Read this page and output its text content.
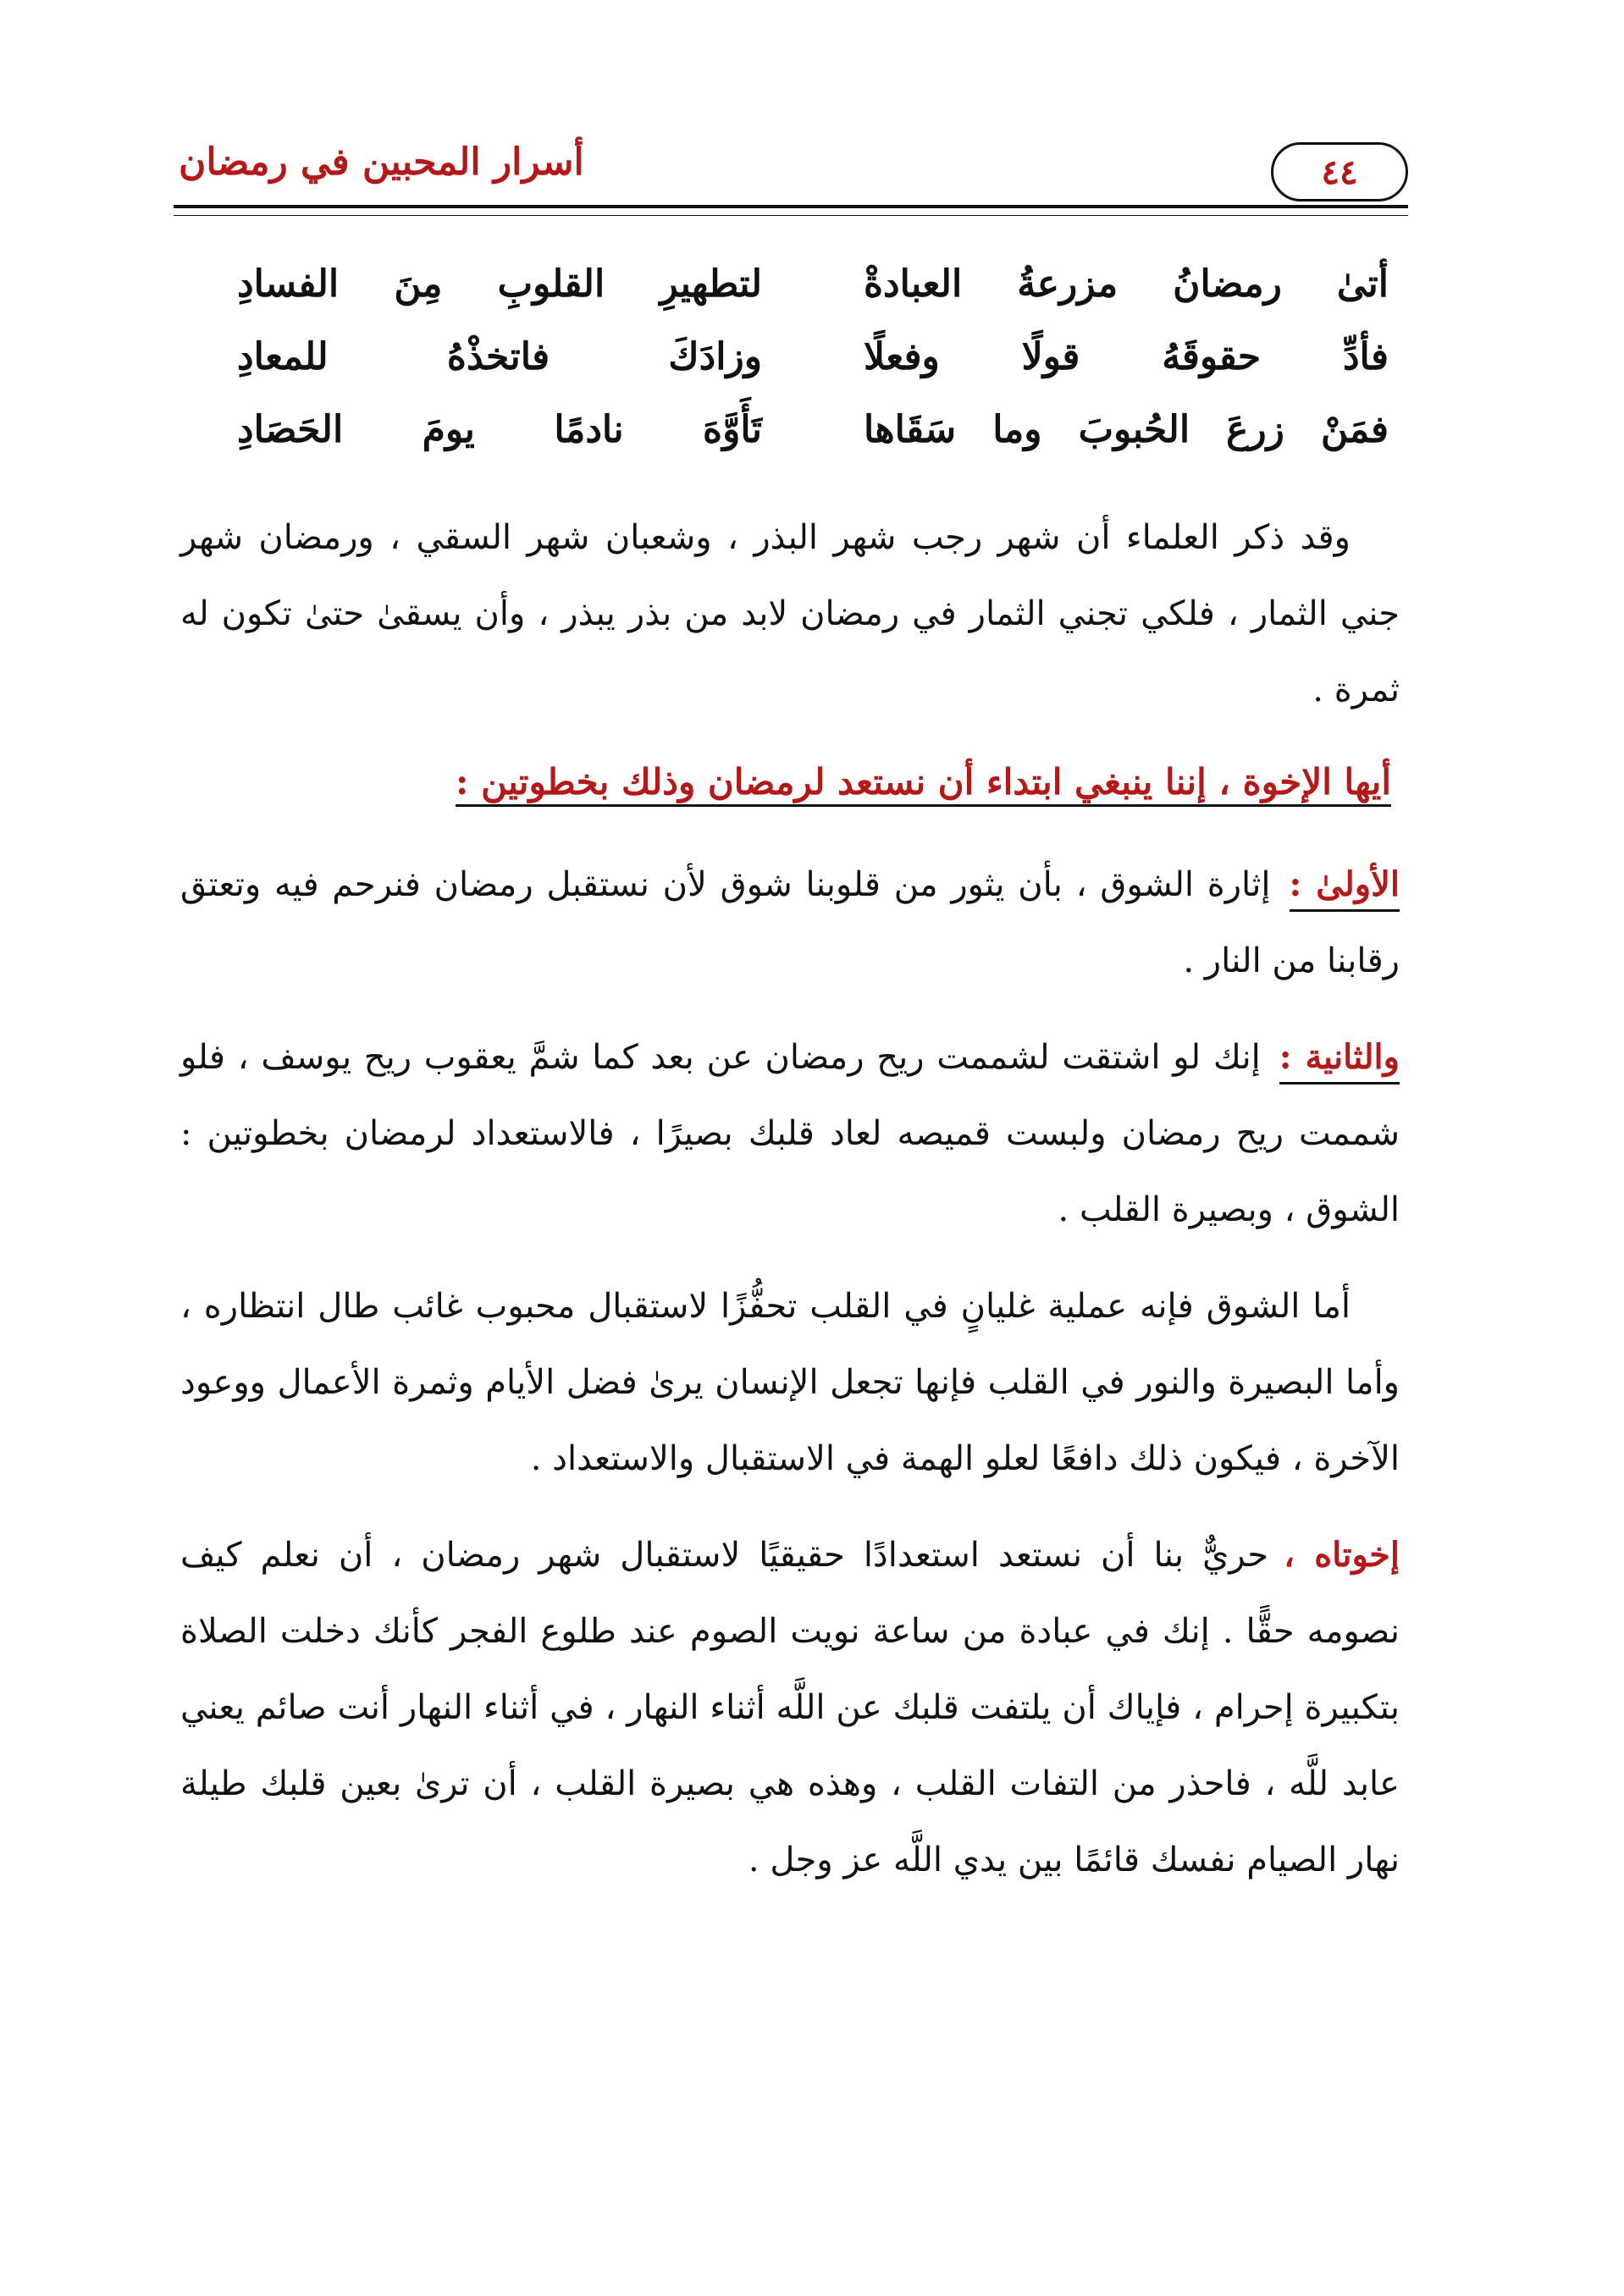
٤٤
أسرار المحبين في رمضان
أتىٰ رمضانُ مزرعةُ العبادةْ
لتطهيرِ القلوبِ مِنَ الفسادِ
فأدِّ حقوقَهُ قولًا وفعلًا
وزادَكَ فاتخذْهُ للمعادِ
فمَنْ زرعَ الحُبوبَ وما سَقَاها
تَأَوَّهَ نادمًا يومَ الحَصَادِ

وقد ذكر العلماء أن شهر رجب شهر البذر ، وشعبان شهر السقي ، ورمضان شهر جني الثمار ، فلكي تجني الثمار في رمضان لابد من بذر يبذر ، وأن يسقىٰ حتىٰ تكون له ثمرة .

أيها الإخوة ، إننا ينبغي ابتداء أن نستعد لرمضان وذلك بخطوتين :

الأولىٰ :إثارة الشوق ، بأن يثور من قلوبنا شوق لأن نستقبل رمضان فنرحم فيه وتعتق رقابنا من النار .

والثانية :إنك لو اشتقت لشممت ريح رمضان عن بعد كما شمَّ يعقوب ريح يوسف ، فلو شممت ريح رمضان ولبست قميصه لعاد قلبك بصيرًا ، فالاستعداد لرمضان بخطوتين : الشوق ، وبصيرة القلب .

أما الشوق فإنه عملية غليانٍ في القلب تحفُّزًا لاستقبال محبوب غائب طال انتظاره ، وأما البصيرة والنور في القلب فإنها تجعل الإنسان يرىٰ فضل الأيام وثمرة الأعمال ووعود الآخرة ، فيكون ذلك دافعًا لعلو الهمة في الاستقبال والاستعداد .

إخوتاه ،حريٌّ بنا أن نستعد استعدادًا حقيقيًا لاستقبال شهر رمضان ، أن نعلم كيف نصومه حقًّا . إنك في عبادة من ساعة نويت الصوم عند طلوع الفجر كأنك دخلت الصلاة بتكبيرة إحرام ، فإياك أن يلتفت قلبك عن اللَّه أثناء النهار ، في أثناء النهار أنت صائم يعني عابد للَّه ، فاحذر من التفات القلب ، وهذه هي بصيرة القلب ، أن ترىٰ بعين قلبك طيلة نهار الصيام نفسك قائمًا بين يدي اللَّه عز وجل .
